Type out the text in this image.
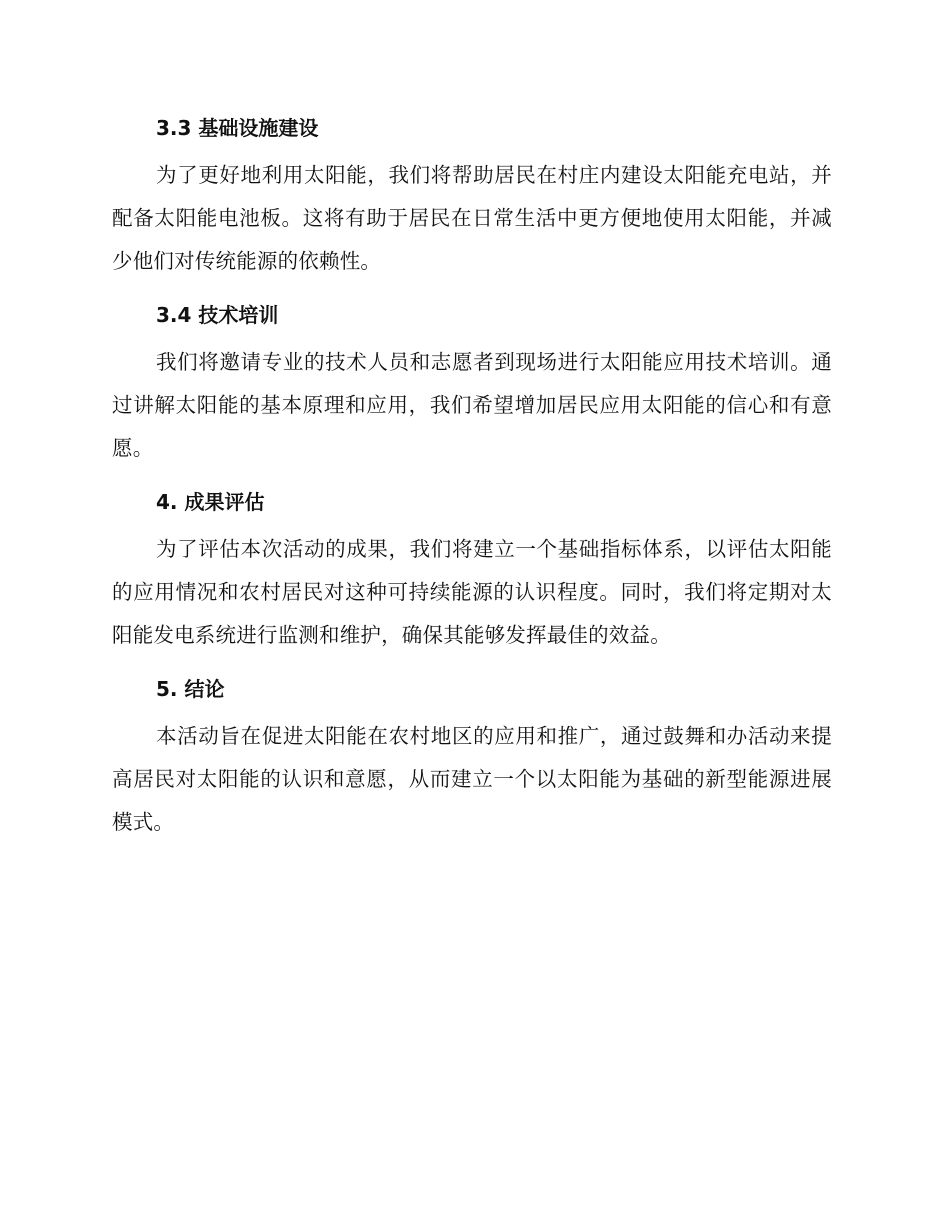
3.3 基础设施建设

为了更好地利用太阳能，我们将帮助居民在村庄内建设太阳能充电站，并配备太阳能电池板。这将有助于居民在日常生活中更方便地使用太阳能，并减少他们对传统能源的依赖性。

3.4 技术培训

我们将邀请专业的技术人员和志愿者到现场进行太阳能应用技术培训。通过讲解太阳能的基本原理和应用，我们希望增加居民应用太阳能的信心和有意愿。

4. 成果评估

为了评估本次活动的成果，我们将建立一个基础指标体系，以评估太阳能的应用情况和农村居民对这种可持续能源的认识程度。同时，我们将定期对太阳能发电系统进行监测和维护，确保其能够发挥最佳的效益。

5. 结论

本活动旨在促进太阳能在农村地区的应用和推广，通过鼓舞和办活动来提高居民对太阳能的认识和意愿，从而建立一个以太阳能为基础的新型能源进展模式。
